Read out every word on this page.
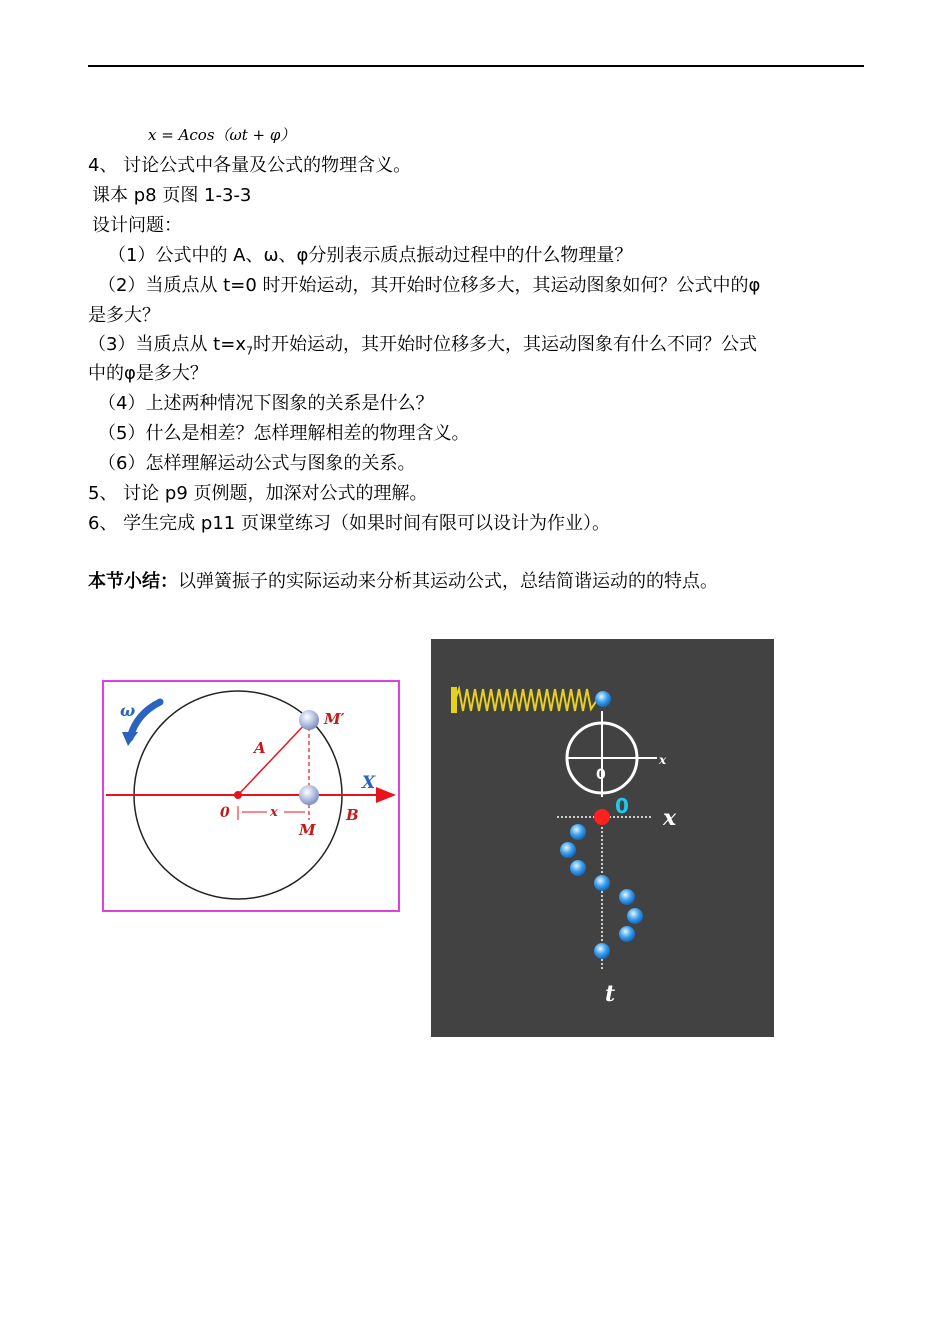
x = Acos（ωt + φ）
4、 讨论公式中各量及公式的物理含义。
课本 p8 页图 1-3-3
设计问题：
（1）公式中的 A、ω、φ分别表示质点振动过程中的什么物理量？
（2）当质点从 t=0 时开始运动，其开始时位移多大，其运动图象如何？公式中的φ
是多大？
（3）当质点从 $t=x_7$时开始运动，其开始时位移多大，其运动图象有什么不同？公式
中的φ是多大？
（4）上述两种情况下图象的关系是什么？
（5）什么是相差？怎样理解相差的物理含义。
（6）怎样理解运动公式与图象的关系。
5、 讨论 p9 页例题，加深对公式的理解。
6、 学生完成 p11 页课堂练习（如果时间有限可以设计为作业）。
本节小结：以弹簧振子的实际运动来分析其运动公式，总结简谐运动的的特点。
ω
A
M′
X
0	x
M
B
x
0
0 x
t
